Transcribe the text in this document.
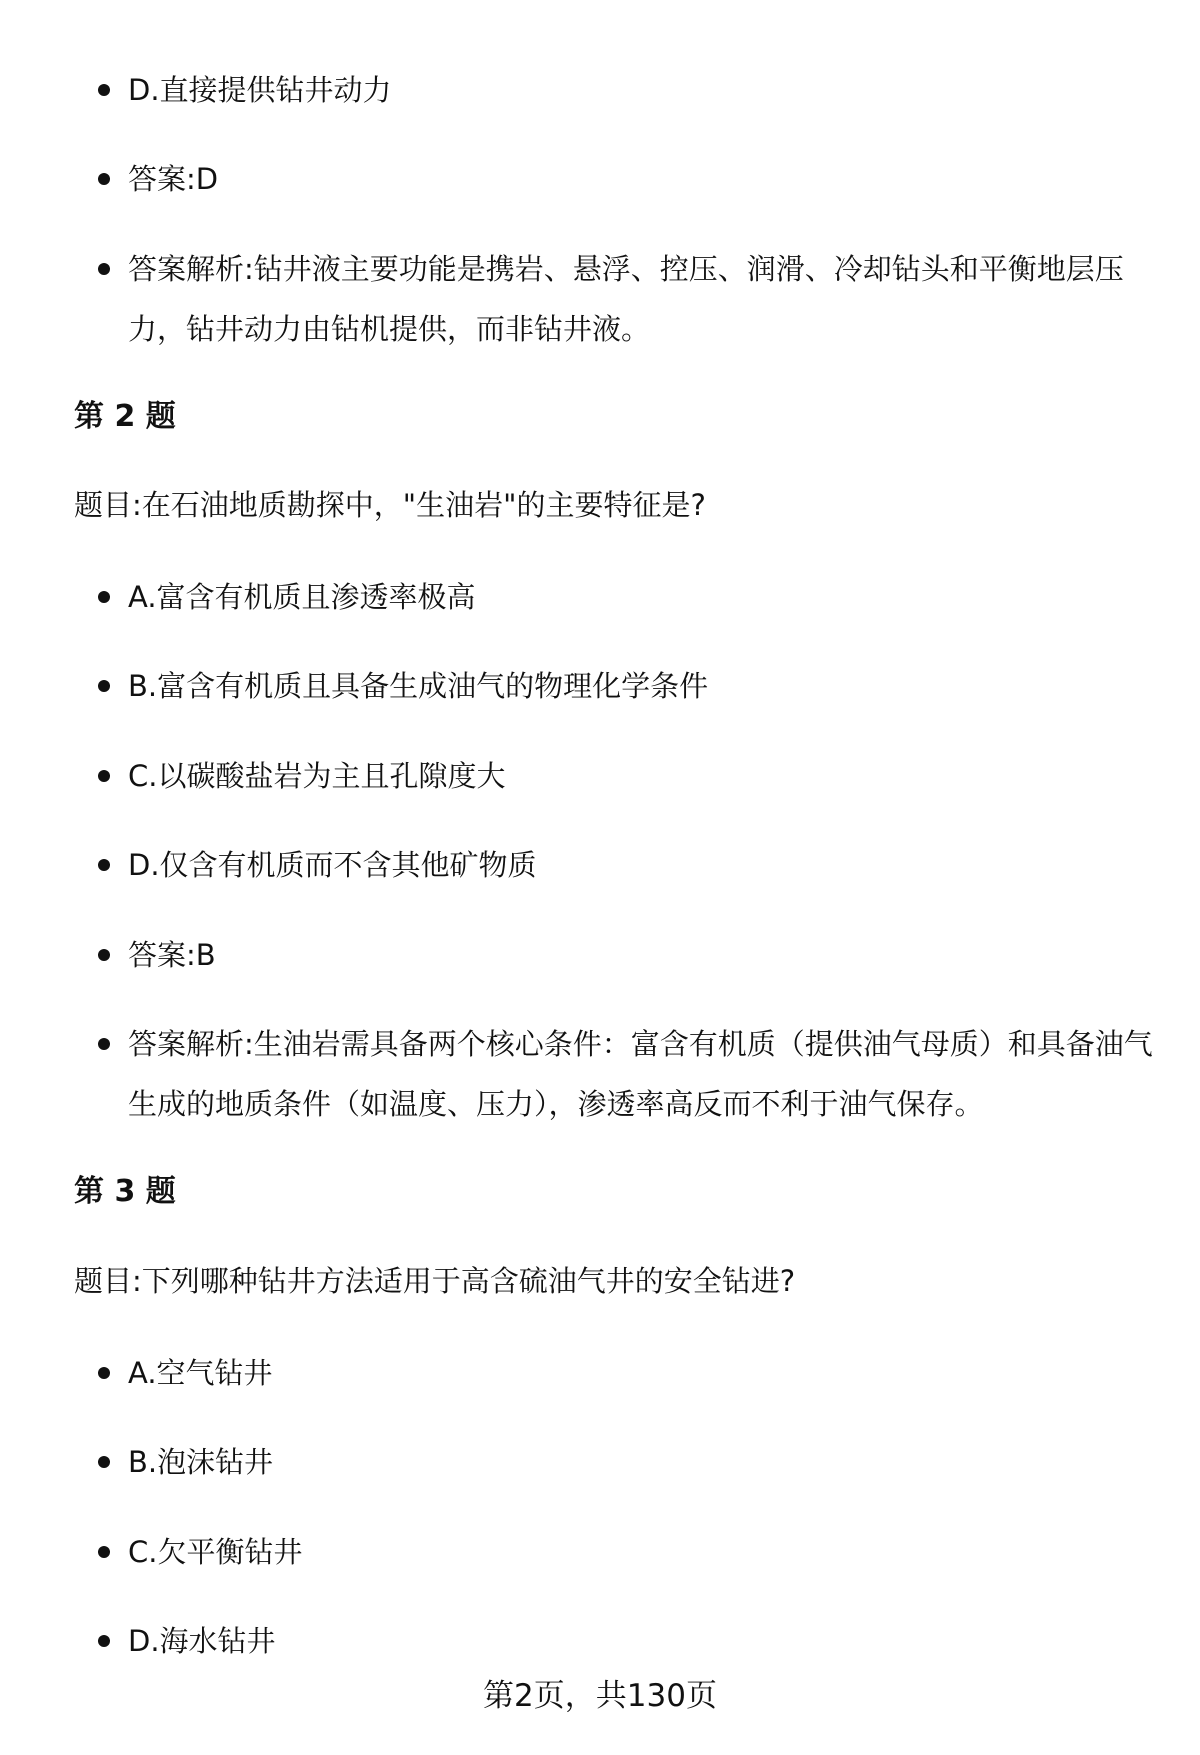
D.直接提供钻井动力
答案:D
答案解析:钻井液主要功能是携岩、悬浮、控压、润滑、冷却钻头和平衡地层压力，钻井动力由钻机提供，而非钻井液。
第 2 题
题目:在石油地质勘探中，"生油岩"的主要特征是?
A.富含有机质且渗透率极高
B.富含有机质且具备生成油气的物理化学条件
C.以碳酸盐岩为主且孔隙度大
D.仅含有机质而不含其他矿物质
答案:B
答案解析:生油岩需具备两个核心条件：富含有机质（提供油气母质）和具备油气生成的地质条件（如温度、压力），渗透率高反而不利于油气保存。
第 3 题
题目:下列哪种钻井方法适用于高含硫油气井的安全钻进?
A.空气钻井
B.泡沫钻井
C.欠平衡钻井
D.海水钻井
第2页，共130页
